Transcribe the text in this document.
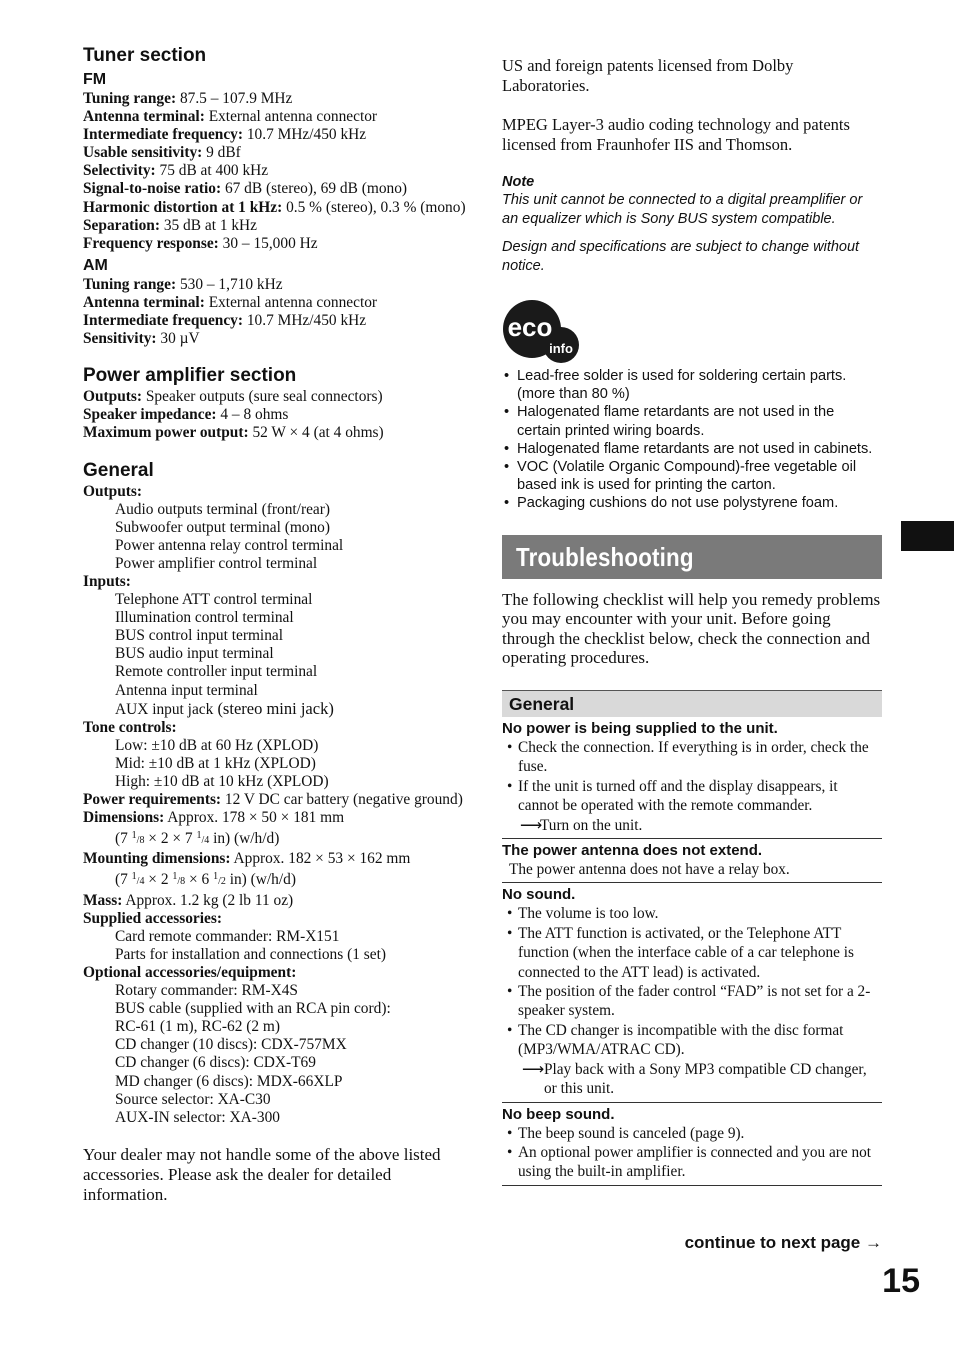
Tuner section
FM
Tuning range: 87.5 – 107.9 MHz
Antenna terminal: External antenna connector
Intermediate frequency: 10.7 MHz/450 kHz
Usable sensitivity: 9 dBf
Selectivity: 75 dB at 400 kHz
Signal-to-noise ratio: 67 dB (stereo), 69 dB (mono)
Harmonic distortion at 1 kHz: 0.5 % (stereo), 0.3 % (mono)
Separation: 35 dB at 1 kHz
Frequency response: 30 – 15,000 Hz
AM
Tuning range: 530 – 1,710 kHz
Antenna terminal: External antenna connector
Intermediate frequency: 10.7 MHz/450 kHz
Sensitivity: 30 µV
Power amplifier section
Outputs: Speaker outputs (sure seal connectors)
Speaker impedance: 4 – 8 ohms
Maximum power output: 52 W × 4 (at 4 ohms)
General
Outputs:
Audio outputs terminal (front/rear)
Subwoofer output terminal (mono)
Power antenna relay control terminal
Power amplifier control terminal
Inputs:
Telephone ATT control terminal
Illumination control terminal
BUS control input terminal
BUS audio input terminal
Remote controller input terminal
Antenna input terminal
AUX input jack (stereo mini jack)
Tone controls:
Low: ±10 dB at 60 Hz (XPLOD)
Mid: ±10 dB at 1 kHz (XPLOD)
High: ±10 dB at 10 kHz (XPLOD)
Power requirements: 12 V DC car battery (negative ground)
Dimensions: Approx. 178 × 50 × 181 mm
(7 $^1$/8 × 2 × 7 $^1$/4 in) (w/h/d)
Mounting dimensions: Approx. 182 × 53 × 162 mm
(7 $^1$/4 × 2 $^1$/8 × 6 $^1$/2 in) (w/h/d)
Mass: Approx. 1.2 kg (2 lb 11 oz)
Supplied accessories:
Card remote commander: RM-X151
Parts for installation and connections (1 set)
Optional accessories/equipment:
Rotary commander: RM-X4S
BUS cable (supplied with an RCA pin cord):
RC-61 (1 m), RC-62 (2 m)
CD changer (10 discs): CDX-757MX
CD changer (6 discs): CDX-T69
MD changer (6 discs): MDX-66XLP
Source selector: XA-C30
AUX-IN selector: XA-300
Your dealer may not handle some of the above listed accessories. Please ask the dealer for detailed information.

US and foreign patents licensed from Dolby Laboratories.

MPEG Layer-3 audio coding technology and patents licensed from Fraunhofer IIS and Thomson.

Note

This unit cannot be connected to a digital preamplifier or an equalizer which is Sony BUS system compatible.

Design and specifications are subject to change without notice.

eco
info
• Lead-free solder is used for soldering certain parts. (more than 80 %)
• Halogenated flame retardants are not used in the certain printed wiring boards.
• Halogenated flame retardants are not used in cabinets.
• VOC (Volatile Organic Compound)-free vegetable oil based ink is used for printing the carton.
• Packaging cushions do not use polystyrene foam.
Troubleshooting

The following checklist will help you remedy problems you may encounter with your unit. Before going through the checklist below, check the connection and operating procedures.

General

No power is being supplied to the unit.

• Check the connection. If everything is in order, check the fuse.
• If the unit is turned off and the display disappears, it cannot be operated with the remote commander.
⟶Turn on the unit.

The power antenna does not extend.

The power antenna does not have a relay box.

No sound.

• The volume is too low.
• The ATT function is activated, or the Telephone ATT function (when the interface cable of a car telephone is connected to the ATT lead) is activated.
• The position of the fader control “FAD” is not set for a 2-speaker system.
• The CD changer is incompatible with the disc format (MP3/WMA/ATRAC CD).
⟶Play back with a Sony MP3 compatible CD changer, or this unit.

No beep sound.

• The beep sound is canceled (page 9).
• An optional power amplifier is connected and you are not using the built-in amplifier.
continue to next page →
15
